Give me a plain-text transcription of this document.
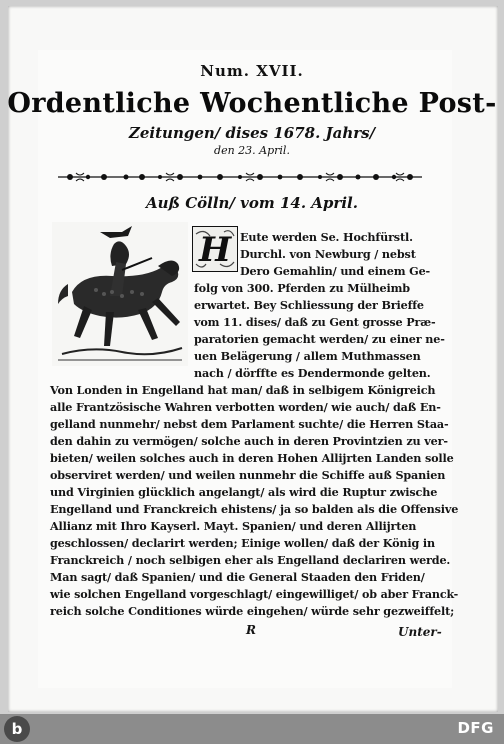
Num. XVII.
Ordentliche Wochentliche Post-
Zeitungen/ dises 1678. Jahrs/
den 23. April.
Auß Cölln/ vom 14. April.
H Eute werden Se. Hochfürstl.
Durchl. von Newburg / nebst
Dero Gemahlin/ und einem Ge-
folg von 300. Pferden zu Mülheimb
erwartet. Bey Schliessung der Brieffe
vom 11. dises/ daß zu Gent grosse Præ-
paratorien gemacht werden/ zu einer ne-
uen Belägerung / allem Muthmassen
nach / dörffte es Dendermonde gelten.
Von Londen in Engelland hat man/ daß in selbigem Königreich
alle Frantzösische Wahren verbotten worden/ wie auch/ daß En-
gelland nunmehr/ nebst dem Parlament suchte/ die Herren Staa-
den dahin zu vermögen/ solche auch in deren Provintzien zu ver-
bieten/ weilen solches auch in deren Hohen Allijrten Landen solle
observiret werden/ und weilen nunmehr die Schiffe auß Spanien
und Virginien glücklich angelangt/ als wird die Ruptur zwische
Engelland und Franckreich ehistens/ ja so balden als die Offensive
Allianz mit Ihro Kayserl. Mayt. Spanien/ und deren Allijrten
geschlossen/ declarirt werden; Einige wollen/ daß der König in
Franckreich / noch selbigen eher als Engelland declariren werde.
Man sagt/ daß Spanien/ und die General Staaden den Friden/
wie solchen Engelland vorgeschlagt/ eingewilliget/ ob aber Franck-
reich solche Conditiones würde eingehen/ würde sehr gezweiffelt;
R	Unter-
b	DFG
